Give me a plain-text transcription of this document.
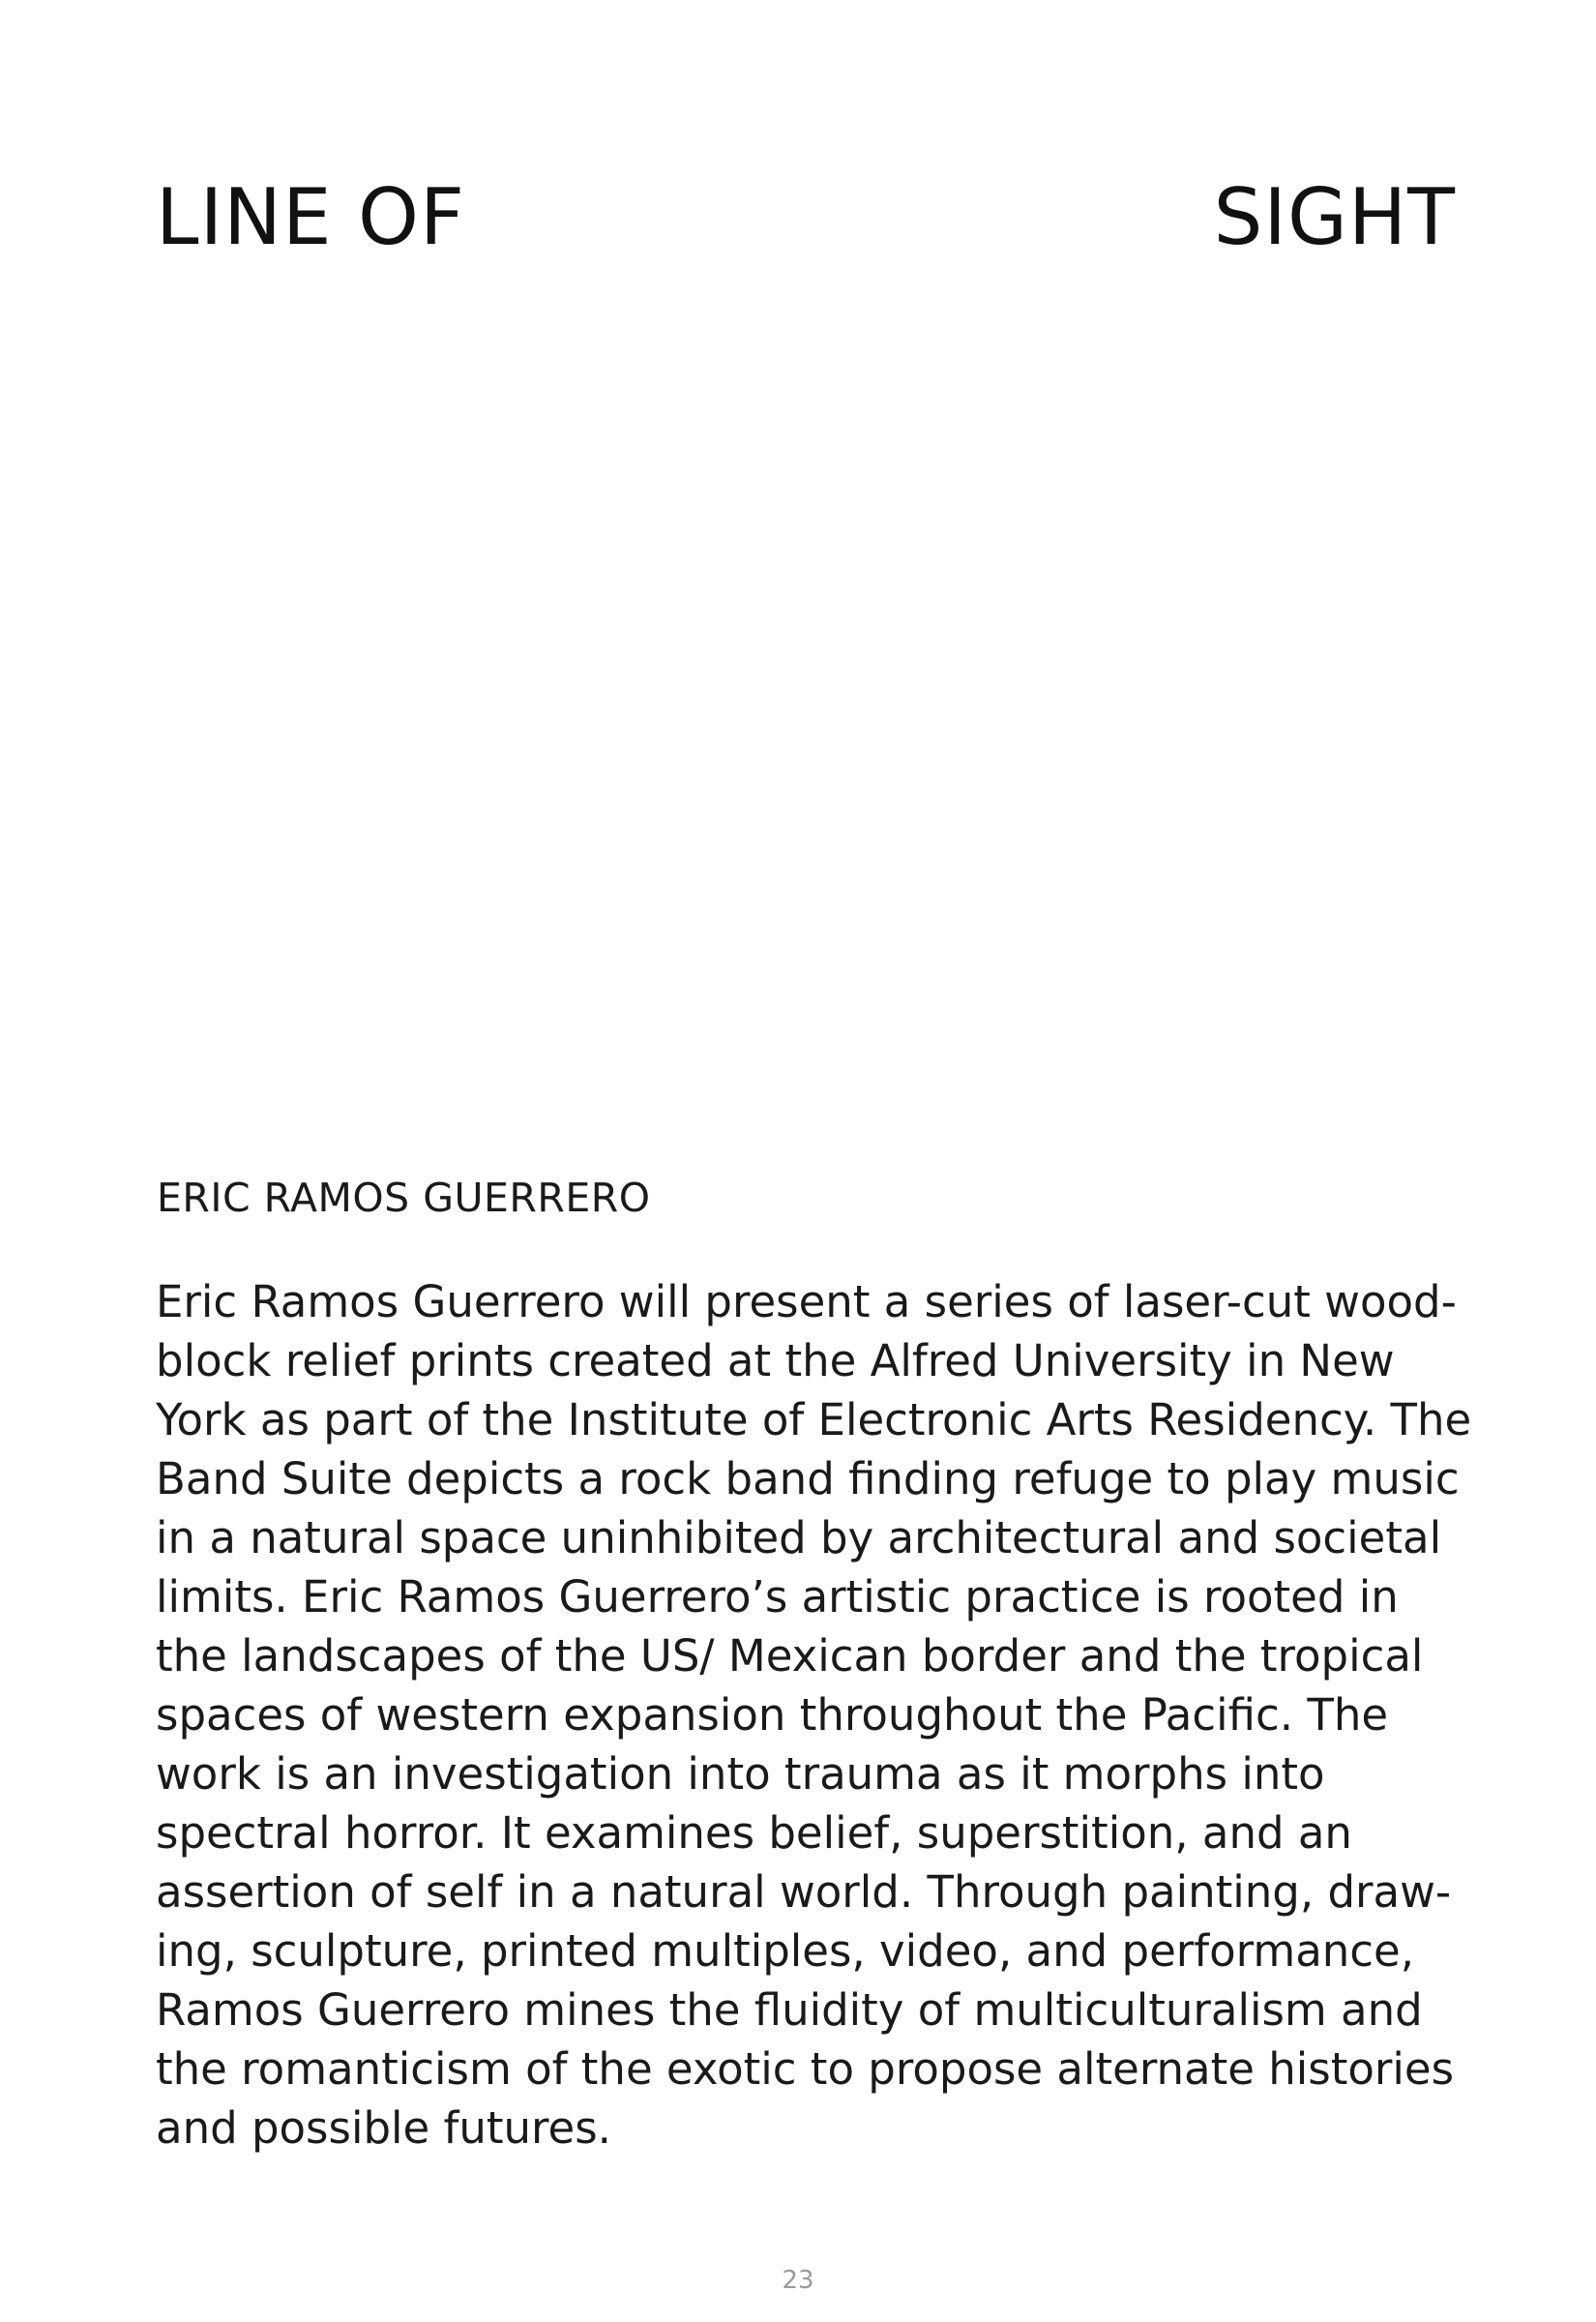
LINE OF	SIGHT
ERIC RAMOS GUERRERO
Eric Ramos Guerrero will present a series of laser-cut wood-
block relief prints created at the Alfred University in New
York as part of the Institute of Electronic Arts Residency. The
Band Suite depicts a rock band finding refuge to play music
in a natural space uninhibited by architectural and societal
limits. Eric Ramos Guerrero’s artistic practice is rooted in
the landscapes of the US/ Mexican border and the tropical
spaces of western expansion throughout the Pacific. The
work is an investigation into trauma as it morphs into
spectral horror. It examines belief, superstition, and an
assertion of self in a natural world. Through painting, draw-
ing, sculpture, printed multiples, video, and performance,
Ramos Guerrero mines the fluidity of multiculturalism and
the romanticism of the exotic to propose alternate histories
and possible futures.
23
